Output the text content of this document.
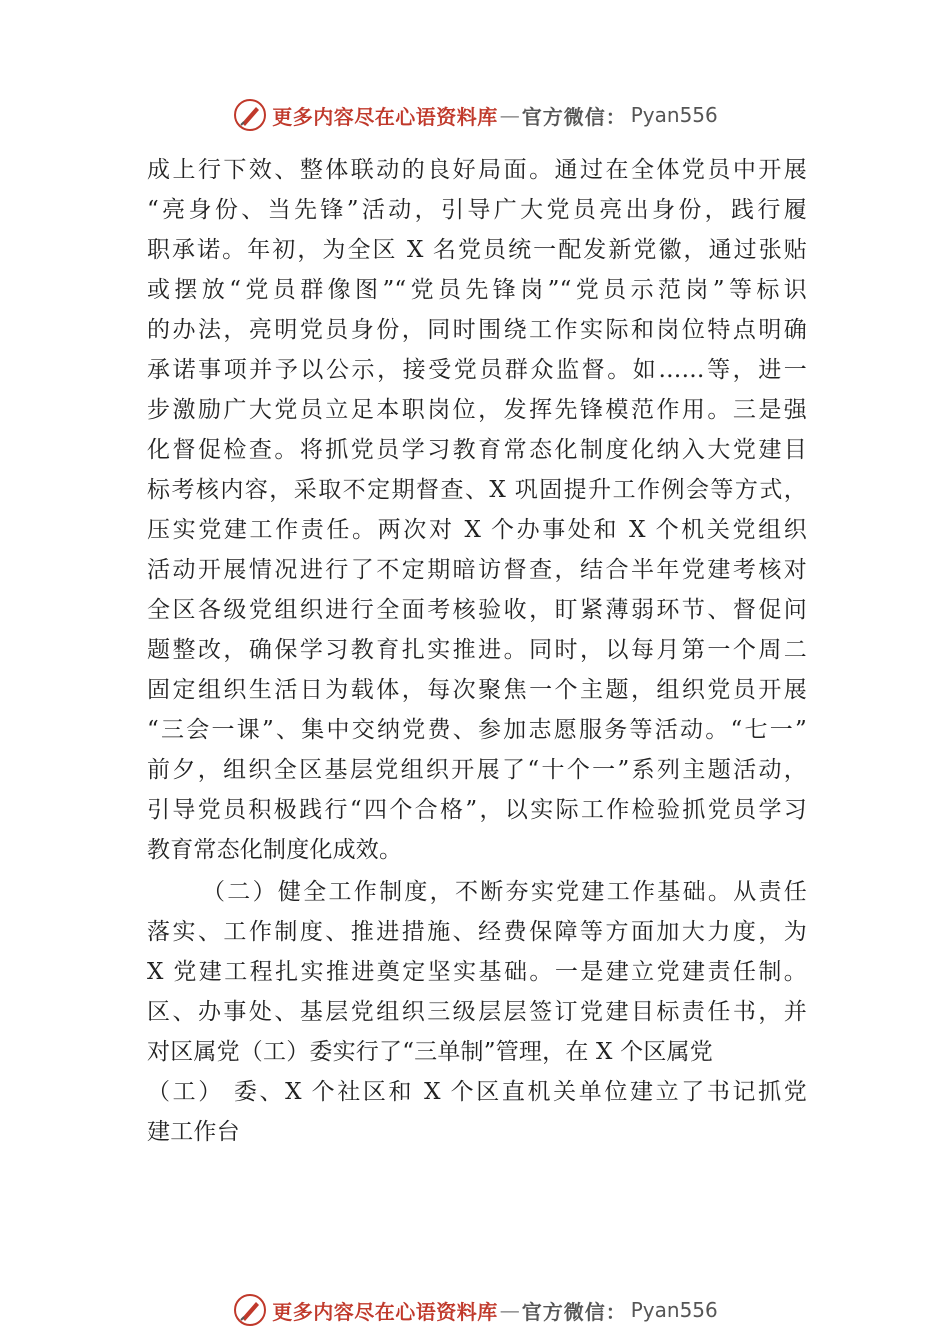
更多内容尽在心语资料库 — 官方微信： Pyan556
成上行下效、整体联动的良好局面。通过在全体党员中开展
“亮身份、当先锋”活动，引导广大党员亮出身份，践行履
职承诺。年初，为全区 X 名党员统一配发新党徽，通过张贴
或摆放“党员群像图”“党员先锋岗”“党员示范岗”等标识
的办法，亮明党员身份，同时围绕工作实际和岗位特点明确
承诺事项并予以公示，接受党员群众监督。如……等，进一
步激励广大党员立足本职岗位，发挥先锋模范作用。三是强
化督促检查。将抓党员学习教育常态化制度化纳入大党建目
标考核内容，采取不定期督查、X 巩固提升工作例会等方式，
压实党建工作责任。两次对 X 个办事处和 X 个机关党组织
活动开展情况进行了不定期暗访督查，结合半年党建考核对
全区各级党组织进行全面考核验收，盯紧薄弱环节、督促问
题整改，确保学习教育扎实推进。同时，以每月第一个周二
固定组织生活日为载体，每次聚焦一个主题，组织党员开展
“三会一课”、集中交纳党费、参加志愿服务等活动。“七一”
前夕，组织全区基层党组织开展了“十个一”系列主题活动，
引导党员积极践行“四个合格”，以实际工作检验抓党员学习
教育常态化制度化成效。
（二）健全工作制度，不断夯实党建工作基础。从责任
落实、工作制度、推进措施、经费保障等方面加大力度，为
X 党建工程扎实推进奠定坚实基础。一是建立党建责任制。
区、办事处、基层党组织三级层层签订党建目标责任书，并
对区属党（工）委实行了“三单制”管理，在 X 个区属党
（工） 委、X 个社区和 X 个区直机关单位建立了书记抓党
建工作台
更多内容尽在心语资料库 — 官方微信： Pyan556
